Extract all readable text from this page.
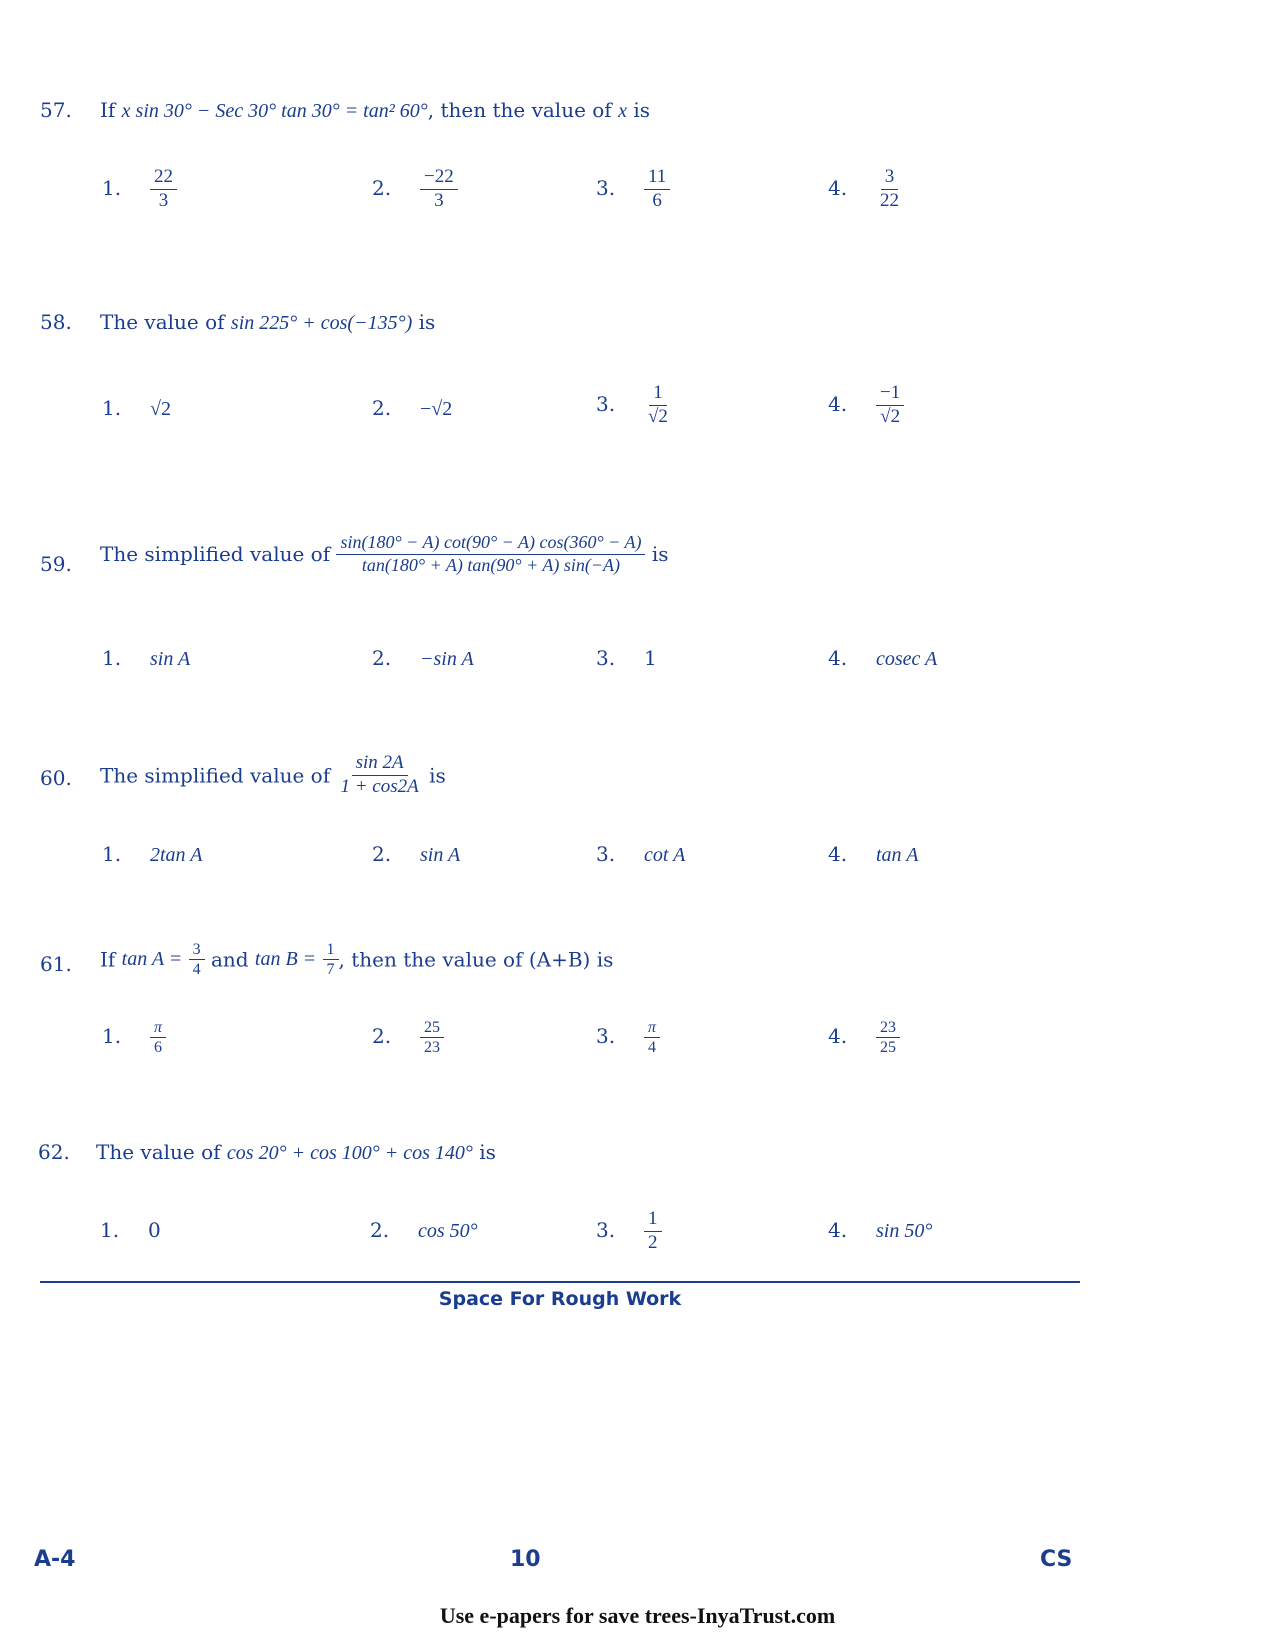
57. If x sin 30° − Sec 30° tan 30° = tan² 60°, then the value of x is
1. $\frac{22}{3}$	2. $\frac{-22}{3}$	3. $\frac{11}{6}$	4. $\frac{3}{22}$
58. The value of sin 225° + cos(−135°) is
1. √2	2. −√2	3. $\frac{1}{√2}$	4. $\frac{-1}{√2}$
59. The simplified value of $\frac{\sin(180^\circ - A) \cot(90^\circ - A) \cos(360^\circ - A)}{\tan(180^\circ + A) \tan(90^\circ + A) \sin(-A)}$ is
1. sin A	2. −sin A	3. 1	4. cosec A
60. The simplified value of $\frac{\sin 2A}{1 + \cos 2A}$ is
1. 2tan A	2. sin A	3. cot A	4. tan A
61. If $\tan A = \frac{3}{4}$ and $\tan B = \frac{1}{7}$ , then the value of (A+B) is
1. $\frac{\pi}{6}$	2. $\frac{25}{23}$	3. $\frac{\pi}{4}$	4. $\frac{23}{25}$
62. The value of cos 20° + cos 100° + cos 140° is
1. 0	2. cos 50°	3. $\frac{1}{2}$	4. sin 50°
Space For Rough Work
A-4	10	CS
Use e-papers for save trees-InyaTrust.com
